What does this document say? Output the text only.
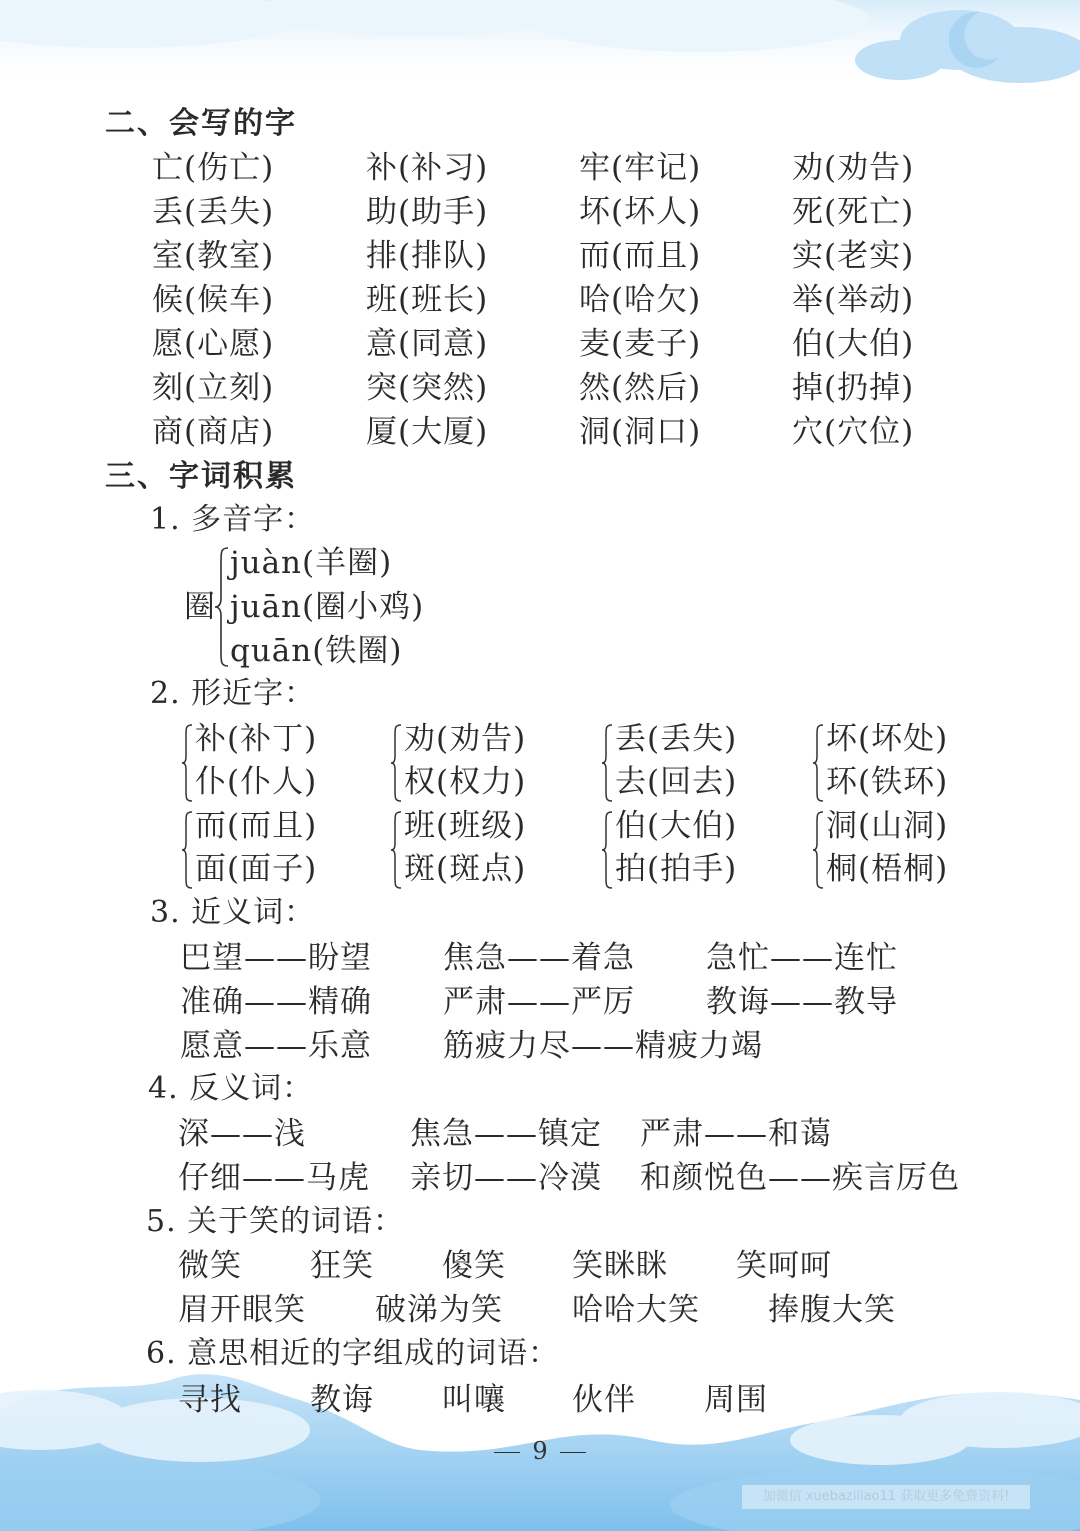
二、会写的字
亡(伤亡)
丢(丢失)
室(教室)
候(候车)
愿(心愿)
刻(立刻)
商(商店)
补(补习)
助(助手)
排(排队)
班(班长)
意(同意)
突(突然)
厦(大厦)
牢(牢记)
坏(坏人)
而(而且)
哈(哈欠)
麦(麦子)
然(然后)
洞(洞口)
劝(劝告)
死(死亡)
实(老实)
举(举动)
伯(大伯)
掉(扔掉)
穴(穴位)
三、字词积累
1. 多音字：
圈
juàn(羊圈)
juān(圈小鸡)
quān(铁圈)
2. 形近字：
补(补丁)
仆(仆人)
劝(劝告)
权(权力)
丢(丢失)
去(回去)
坏(坏处)
环(铁环)
而(而且)
面(面子)
班(班级)
斑(斑点)
伯(大伯)
拍(拍手)
洞(山洞)
桐(梧桐)
3. 近义词：
巴望——盼望 焦急——着急 急忙——连忙
准确——精确 严肃——严厉 教诲——教导
愿意——乐意 筋疲力尽——精疲力竭
4. 反义词：
深——浅	焦急——镇定 严肃——和蔼
仔细——马虎 亲切——冷漠 和颜悦色——疾言厉色
5. 关于笑的词语：
微笑 狂笑 傻笑 笑眯眯 笑呵呵
眉开眼笑 破涕为笑 哈哈大笑 捧腹大笑
6. 意思相近的字组成的词语：
寻找 教诲 叫嚷 伙伴 周围
9
加微信 xuebaziliao11 获取更多免费资料!
